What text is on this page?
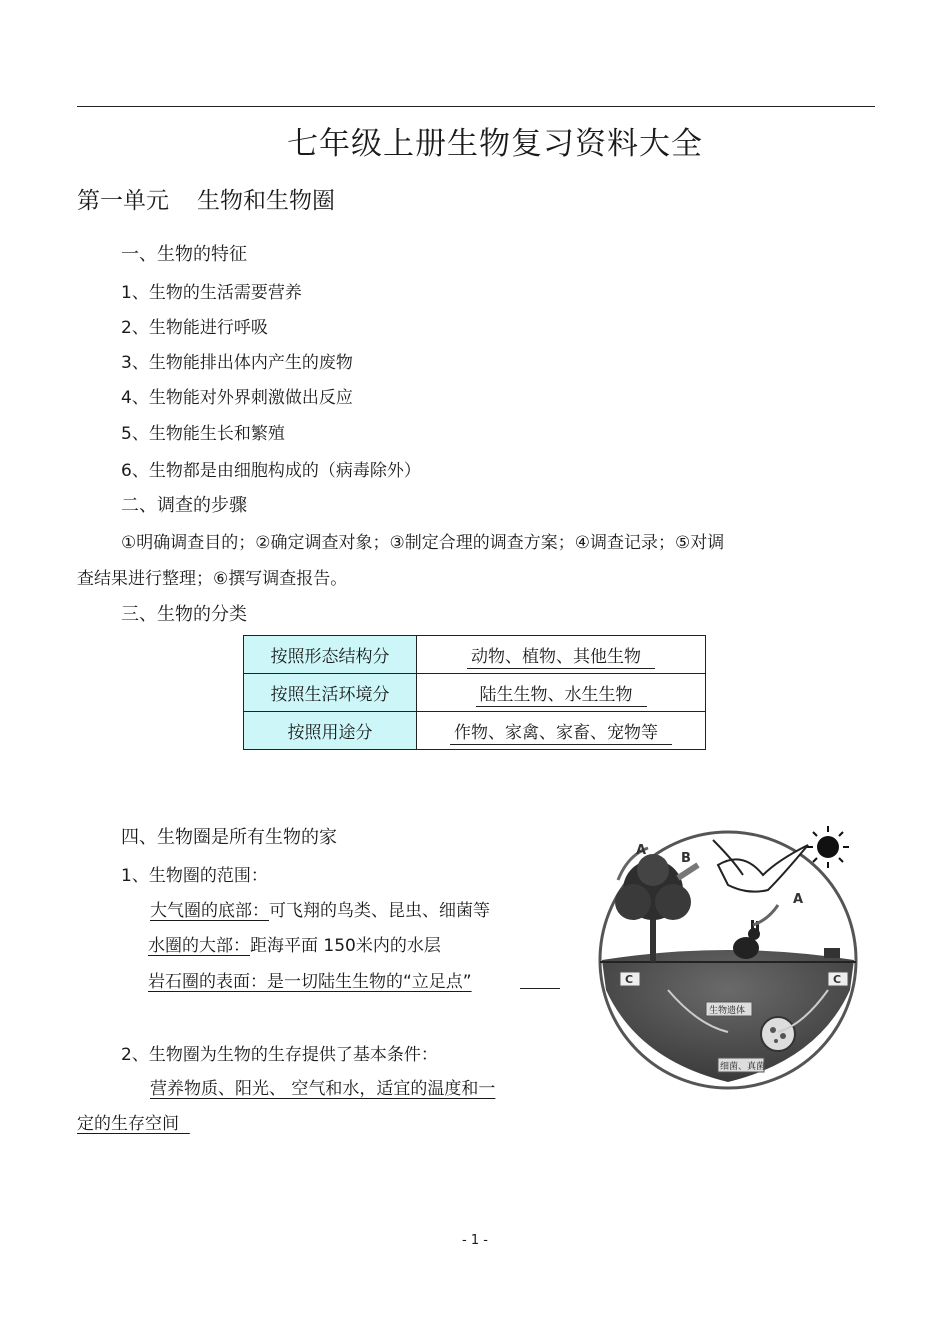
七年级上册生物复习资料大全
第一单元 生物和生物圈
一、生物的特征
1、生物的生活需要营养
2、生物能进行呼吸
3、生物能排出体内产生的废物
4、生物能对外界刺激做出反应
5、生物能生长和繁殖
6、生物都是由细胞构成的（病毒除外）
二、调查的步骤
①明确调查目的；②确定调查对象；③制定合理的调查方案；④调查记录；⑤对调
查结果进行整理；⑥撰写调查报告。
三、生物的分类
按照形态结构分	动物、植物、其他生物
按照生活环境分	陆生生物、水生生物
按照用途分	作物、家禽、家畜、宠物等
四、生物圈是所有生物的家
1、生物圈的范围：
大气圈的底部：可飞翔的鸟类、昆虫、细菌等
水圈的大部：距海平面 150米内的水层
岩石圈的表面：是一切陆生生物的“立足点”
2、生物圈为生物的生存提供了基本条件：
营养物质、阳光、 空气和水，适宜的温度和一
定的生存空间
A
B
A
C	C
生物遗体
细菌、真菌
- 1 -
